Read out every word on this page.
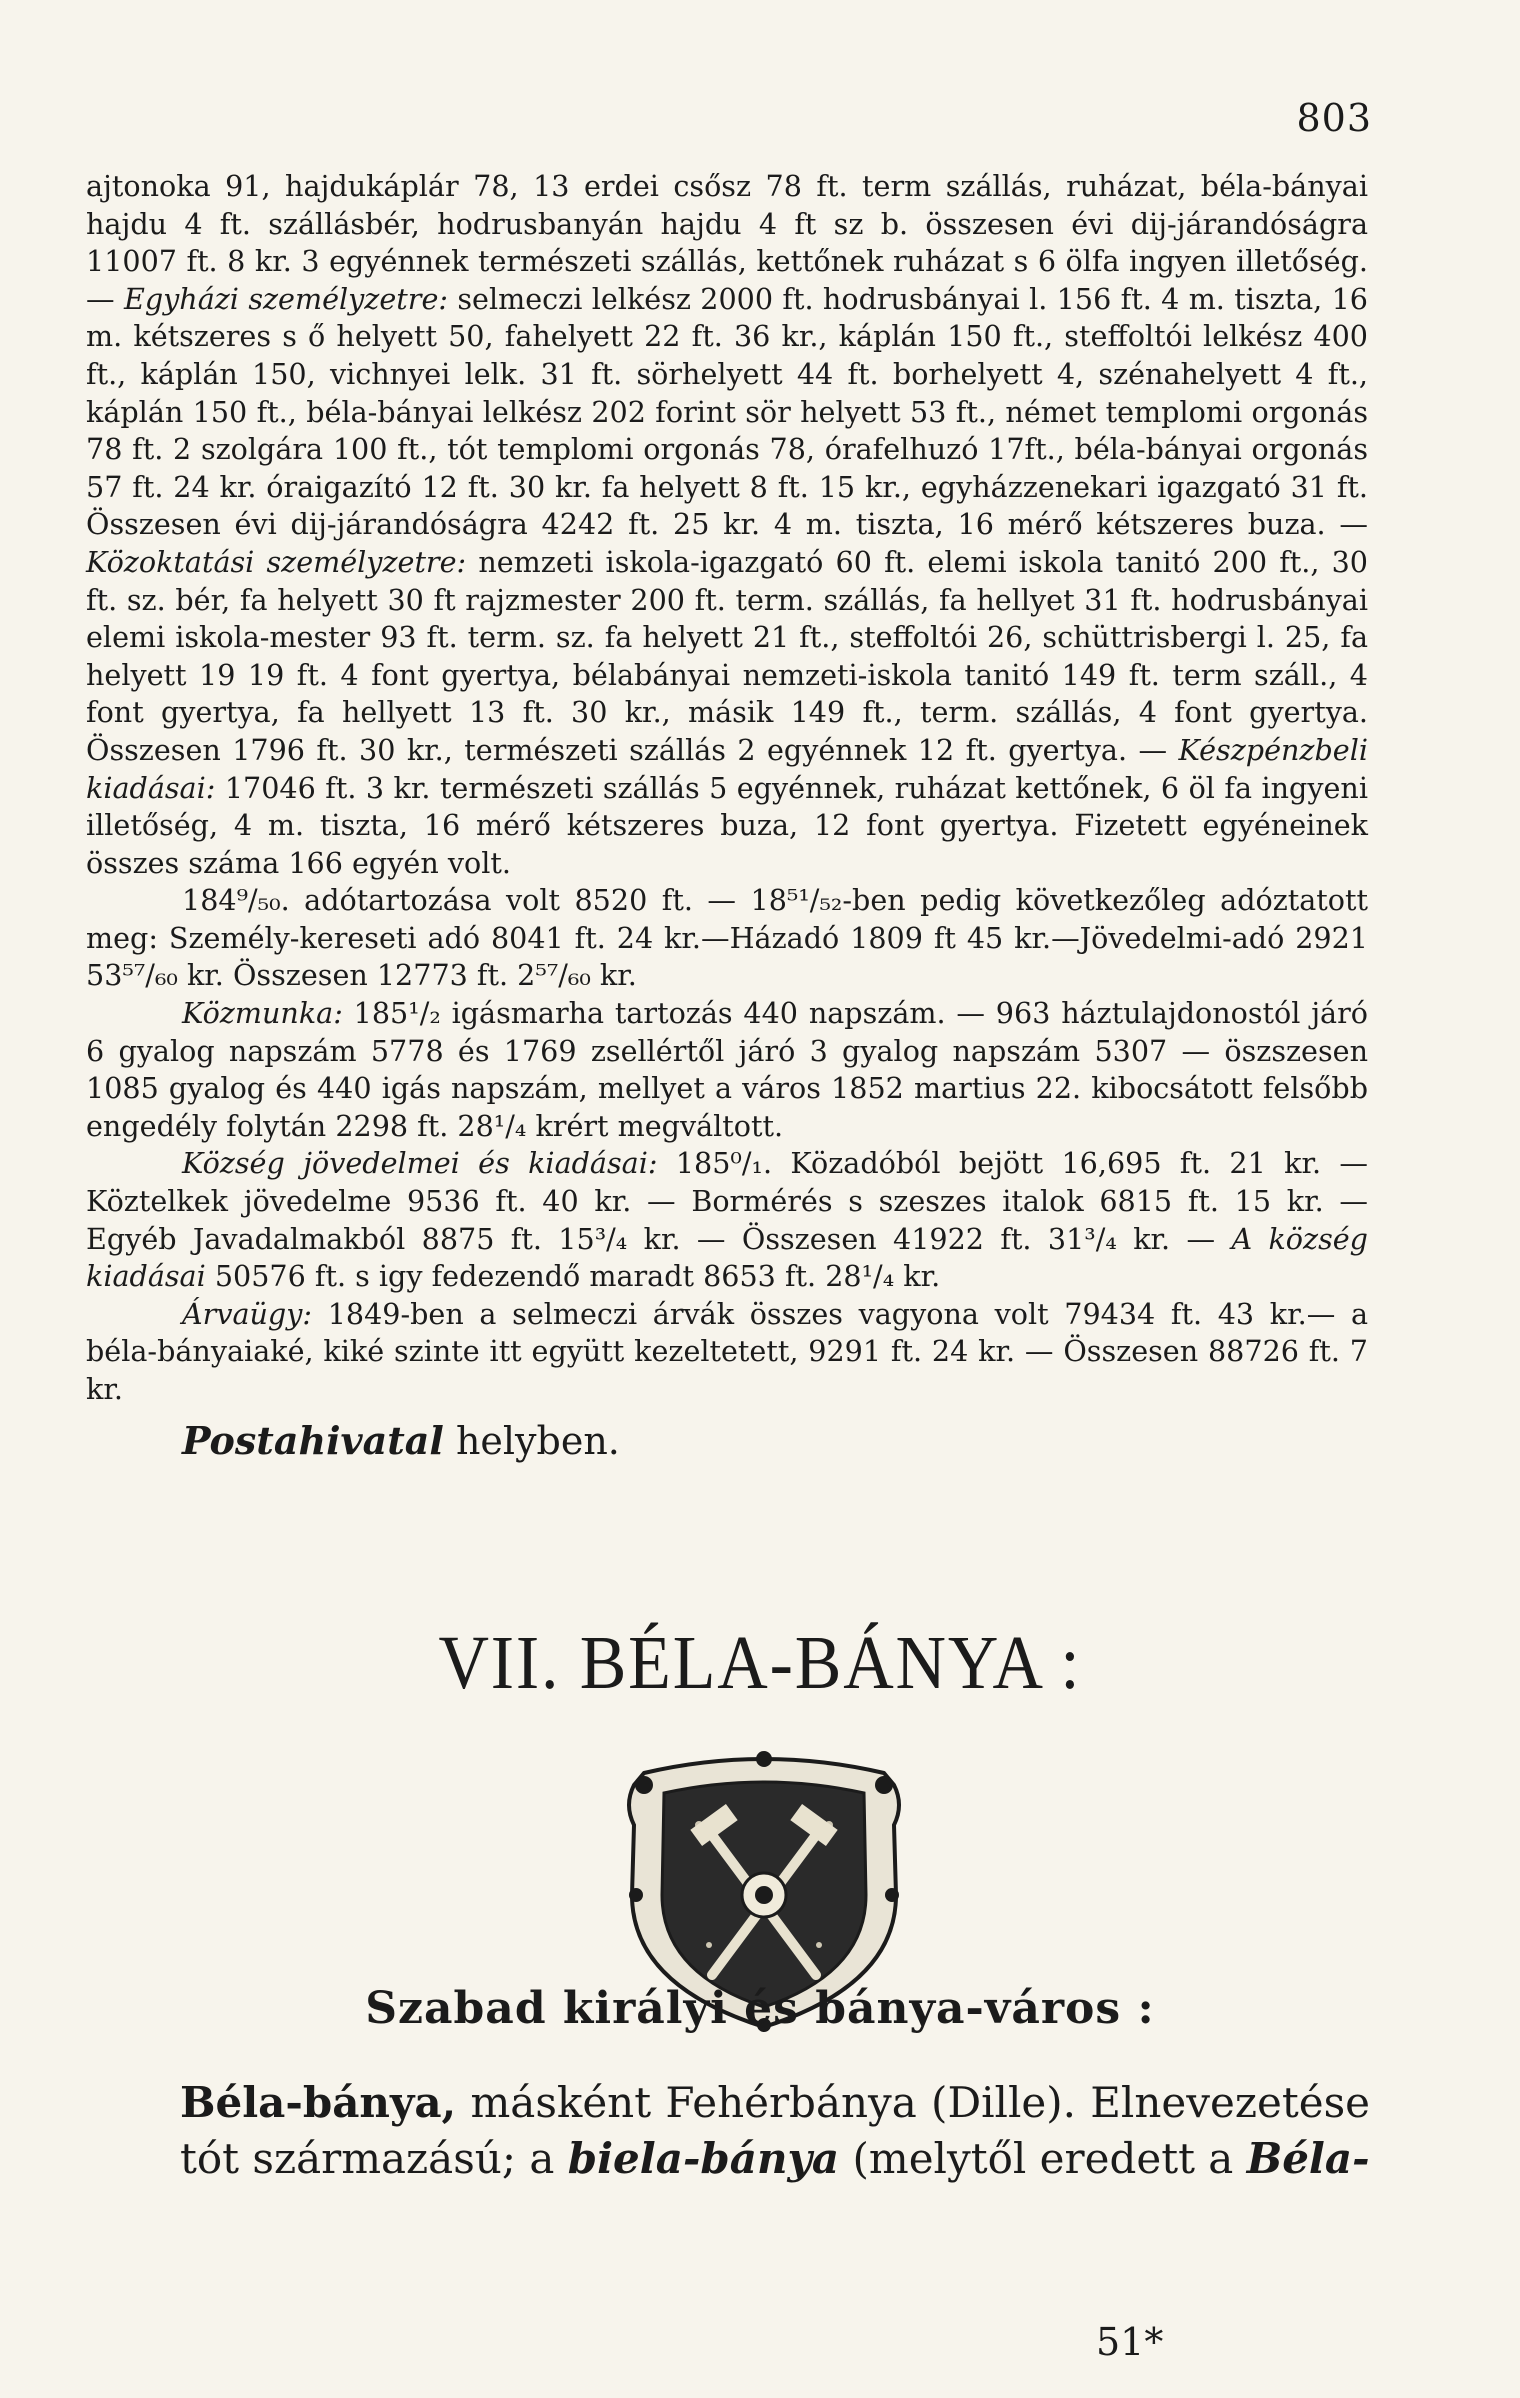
803

ajtonoka 91, hajdukáplár 78, 13 erdei csősz 78 ft. term szállás, ruházat, béla-bányai hajdu 4 ft. szállásbér, hodrusbanyán hajdu 4 ft sz b. összesen évi dij-járandóságra 11007 ft. 8 kr. 3 egyénnek természeti szállás, kettőnek ruházat s 6 ölfa ingyen illetőség. — Egyházi személyzetre: selmeczi lelkész 2000 ft. hodrusbányai l. 156 ft. 4 m. tiszta, 16 m. kétszeres s ő helyett 50, fahelyett 22 ft. 36 kr., káplán 150 ft., steffoltói lelkész 400 ft., káplán 150, vichnyei lelk. 31 ft. sörhelyett 44 ft. borhelyett 4, szénahelyett 4 ft., káplán 150 ft., béla-bányai lelkész 202 forint sör helyett 53 ft., német templomi orgonás 78 ft. 2 szolgára 100 ft., tót templomi orgonás 78, órafelhuzó 17ft., béla-bányai orgonás 57 ft. 24 kr. óraigazító 12 ft. 30 kr. fa helyett 8 ft. 15 kr., egyházzenekari igazgató 31 ft. Összesen évi dij-járandóságra 4242 ft. 25 kr. 4 m. tiszta, 16 mérő kétszeres buza. — Közoktatási személyzetre: nemzeti iskola-igazgató 60 ft. elemi iskola tanitó 200 ft., 30 ft. sz. bér, fa helyett 30 ft rajzmester 200 ft. term. szállás, fa hellyet 31 ft. hodrusbányai elemi iskola-mester 93 ft. term. sz. fa helyett 21 ft., steffoltói 26, schüttrisbergi l. 25, fa helyett 19 19 ft. 4 font gyertya, bélabányai nemzeti-iskola tanitó 149 ft. term száll., 4 font gyertya, fa hellyett 13 ft. 30 kr., másik 149 ft., term. szállás, 4 font gyertya. Összesen 1796 ft. 30 kr., természeti szállás 2 egyénnek 12 ft. gyertya. — Készpénzbeli kiadásai: 17046 ft. 3 kr. természeti szállás 5 egyénnek, ruházat kettőnek, 6 öl fa ingyeni illetőség, 4 m. tiszta, 16 mérő kétszeres buza, 12 font gyertya. Fizetett egyéneinek összes száma 166 egyén volt.

184⁹/₅₀. adótartozása volt 8520 ft. — 18⁵¹/₅₂-ben pedig következőleg adóztatott meg: Személy-kereseti adó 8041 ft. 24 kr.—Házadó 1809 ft 45 kr.—Jövedelmi-adó 2921 53⁵⁷/₆₀ kr. Összesen 12773 ft. 2⁵⁷/₆₀ kr.

Közmunka: 185¹/₂ igásmarha tartozás 440 napszám. — 963 háztulajdonostól járó 6 gyalog napszám 5778 és 1769 zsellértől járó 3 gyalog napszám 5307 — öszszesen 1085 gyalog és 440 igás napszám, mellyet a város 1852 martius 22. kibocsátott felsőbb engedély folytán 2298 ft. 28¹/₄ krért megváltott.

Község jövedelmei és kiadásai: 185⁰/₁. Közadóból bejött 16,695 ft. 21 kr. — Köztelkek jövedelme 9536 ft. 40 kr. — Bormérés s szeszes italok 6815 ft. 15 kr. — Egyéb Javadalmakból 8875 ft. 15³/₄ kr. — Összesen 41922 ft. 31³/₄ kr. — A község kiadásai 50576 ft. s igy fedezendő maradt 8653 ft. 28¹/₄ kr.

Árvaügy: 1849-ben a selmeczi árvák összes vagyona volt 79434 ft. 43 kr.— a béla-bányaiaké, kiké szinte itt együtt kezeltetett, 9291 ft. 24 kr. — Összesen 88726 ft. 7 kr.

Postahivatal helyben.
VII. BÉLA-BÁNYA :
Szabad királyi és bánya-város :
Béla-bánya, másként Fehérbánya (Dille). Elnevezetése tót származású; a biela-bánya (melytől eredett a Béla-
51*
